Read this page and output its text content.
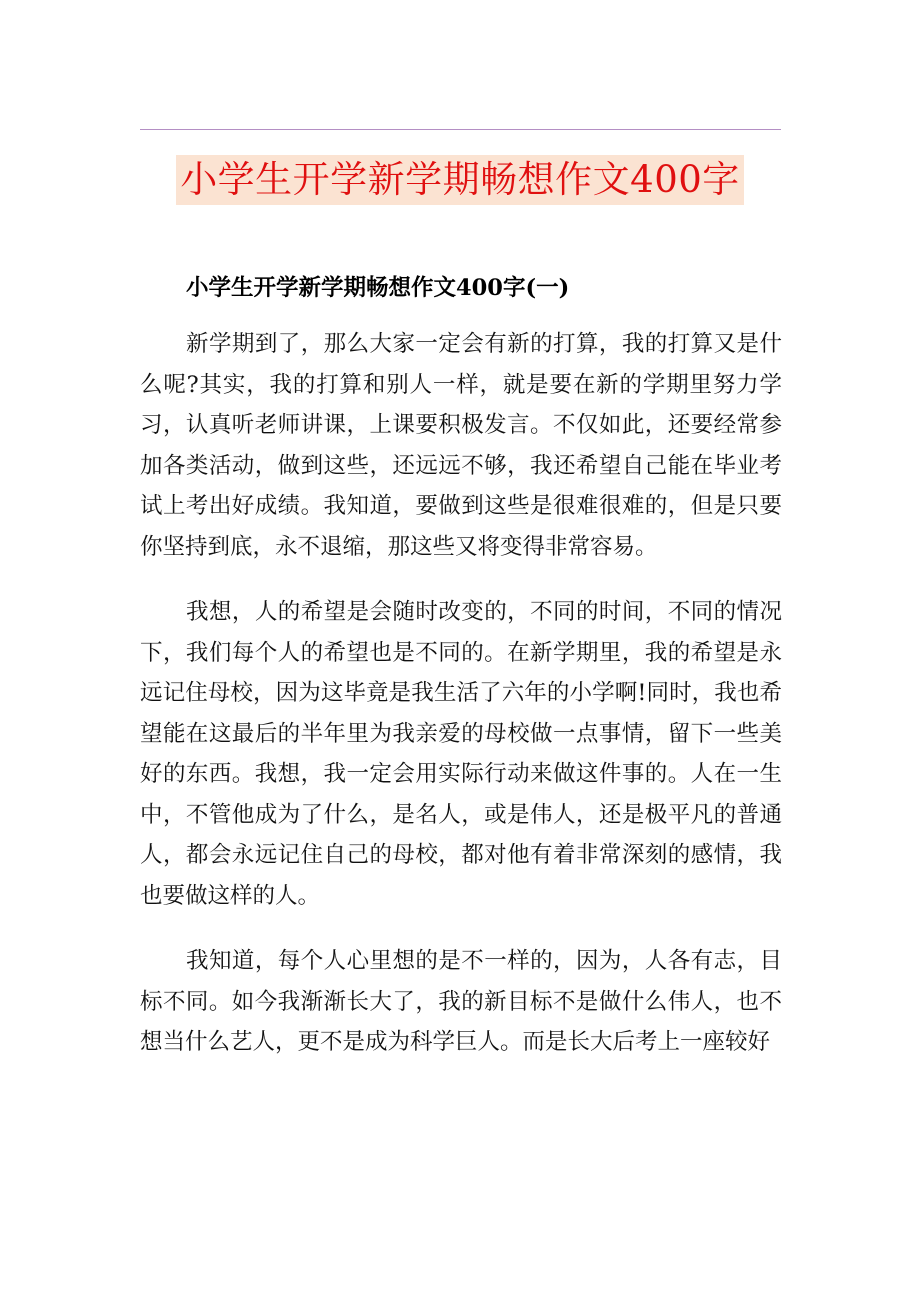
小学生开学新学期畅想作文400字

小学生开学新学期畅想作文400字(一)

新学期到了，那么大家一定会有新的打算，我的打算又是什么呢?其实，我的打算和别人一样，就是要在新的学期里努力学习，认真听老师讲课，上课要积极发言。不仅如此，还要经常参加各类活动，做到这些，还远远不够，我还希望自己能在毕业考试上考出好成绩。我知道，要做到这些是很难很难的，但是只要你坚持到底，永不退缩，那这些又将变得非常容易。

我想，人的希望是会随时改变的，不同的时间，不同的情况下，我们每个人的希望也是不同的。在新学期里，我的希望是永远记住母校，因为这毕竟是我生活了六年的小学啊!同时，我也希望能在这最后的半年里为我亲爱的母校做一点事情，留下一些美好的东西。我想，我一定会用实际行动来做这件事的。人在一生中，不管他成为了什么，是名人，或是伟人，还是极平凡的普通人，都会永远记住自己的母校，都对他有着非常深刻的感情，我也要做这样的人。

我知道，每个人心里想的是不一样的，因为，人各有志，目标不同。如今我渐渐长大了，我的新目标不是做什么伟人，也不想当什么艺人，更不是成为科学巨人。而是长大后考上一座较好
